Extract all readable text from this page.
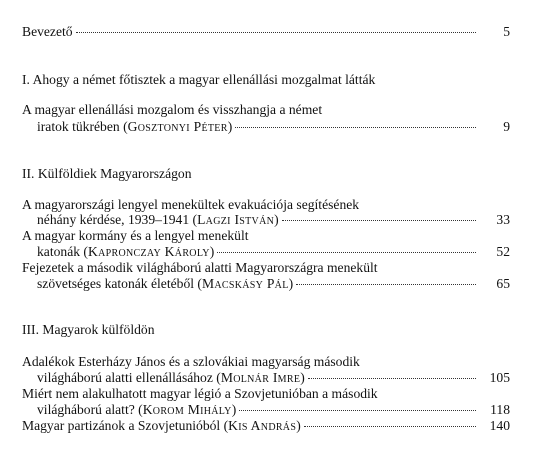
Bevezető	5
I. Ahogy a német főtisztek a magyar ellenállási mozgalmat látták
A magyar ellenállási mozgalom és visszhangja a német
iratok tükrében (Gosztonyi Péter)	9
II. Külföldiek Magyarországon
A magyarországi lengyel menekültek evakuációja segítésének
néhány kérdése, 1939–1941 (Lagzi István)	33
A magyar kormány és a lengyel menekült
katonák (Kapronczay Károly)	52
Fejezetek a második világháború alatti Magyarországra menekült
szövetséges katonák életéből (Macskásy Pál)	65
III. Magyarok külföldön
Adalékok Esterházy János és a szlovákiai magyarság második
világháború alatti ellenállásához (Molnár Imre)	105
Miért nem alakulhatott magyar légió a Szovjetunióban a második
világháború alatt? (Korom Mihály)	118
Magyar partizánok a Szovjetunióból (Kis András)	140
